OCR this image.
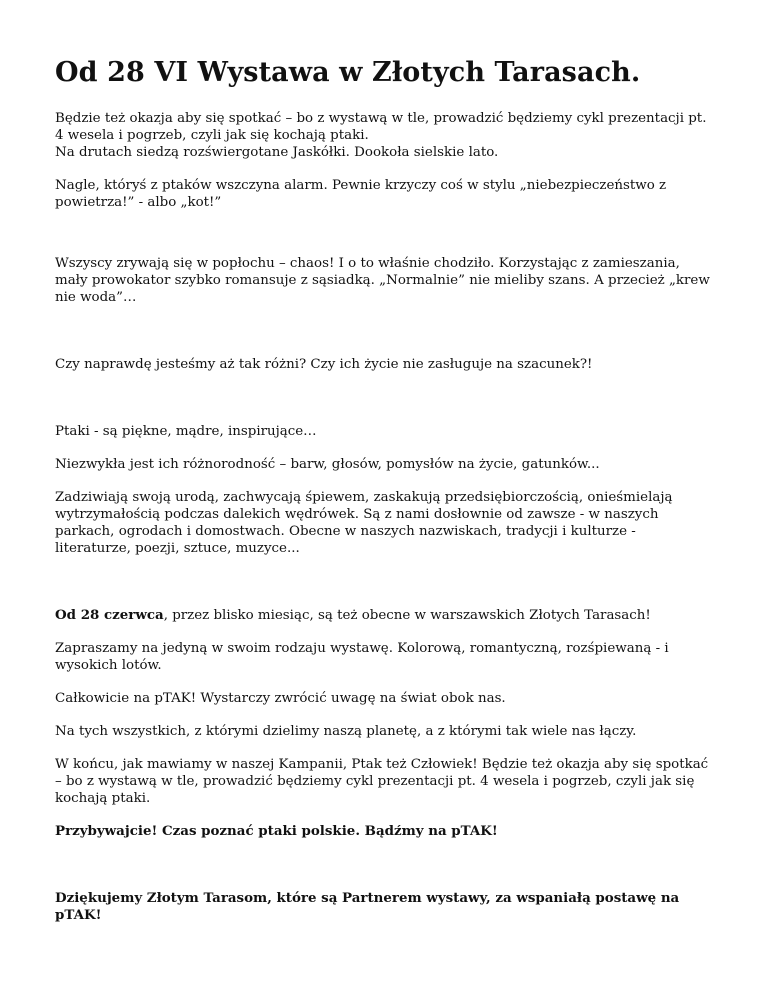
Od 28 VI Wystawa w Złotych Tarasach.

Będzie też okazja aby się spotkać – bo z wystawą w tle, prowadzić będziemy cykl prezentacji pt. 4 wesela i pogrzeb, czyli jak się kochają ptaki.
Na drutach siedzą rozświergotane Jaskółki. Dookoła sielskie lato.

Nagle, któryś z ptaków wszczyna alarm. Pewnie krzyczy coś w stylu „niebezpieczeństwo z powietrza!” - albo „kot!”

Wszyscy zrywają się w popłochu – chaos! I o to właśnie chodziło. Korzystając z zamieszania, mały prowokator szybko romansuje z sąsiadką. „Normalnie” nie mieliby szans. A przecież „krew nie woda”…

Czy naprawdę jesteśmy aż tak różni? Czy ich życie nie zasługuje na szacunek?!

Ptaki - są piękne, mądre, inspirujące…

Niezwykła jest ich różnorodność – barw, głosów, pomysłów na życie, gatunków...

Zadziwiają swoją urodą, zachwycają śpiewem, zaskakują przedsiębiorczością, onieśmielają wytrzymałością podczas dalekich wędrówek. Są z nami dosłownie od zawsze - w naszych parkach, ogrodach i domostwach. Obecne w naszych nazwiskach, tradycji i kulturze - literaturze, poezji, sztuce, muzyce...

Od 28 czerwca, przez blisko miesiąc, są też obecne w warszawskich Złotych Tarasach!

Zapraszamy na jedyną w swoim rodzaju wystawę. Kolorową, romantyczną, rozśpiewaną - i wysokich lotów.

Całkowicie na pTAK! Wystarczy zwrócić uwagę na świat obok nas.

Na tych wszystkich, z którymi dzielimy naszą planetę, a z którymi tak wiele nas łączy.

W końcu, jak mawiamy w naszej Kampanii, Ptak też Człowiek! Będzie też okazja aby się spotkać – bo z wystawą w tle, prowadzić będziemy cykl prezentacji pt. 4 wesela i pogrzeb, czyli jak się kochają ptaki.

Przybywajcie! Czas poznać ptaki polskie. Bądźmy na pTAK!

Dziękujemy Złotym Tarasom, które są Partnerem wystawy, za wspaniałą postawę na pTAK!
